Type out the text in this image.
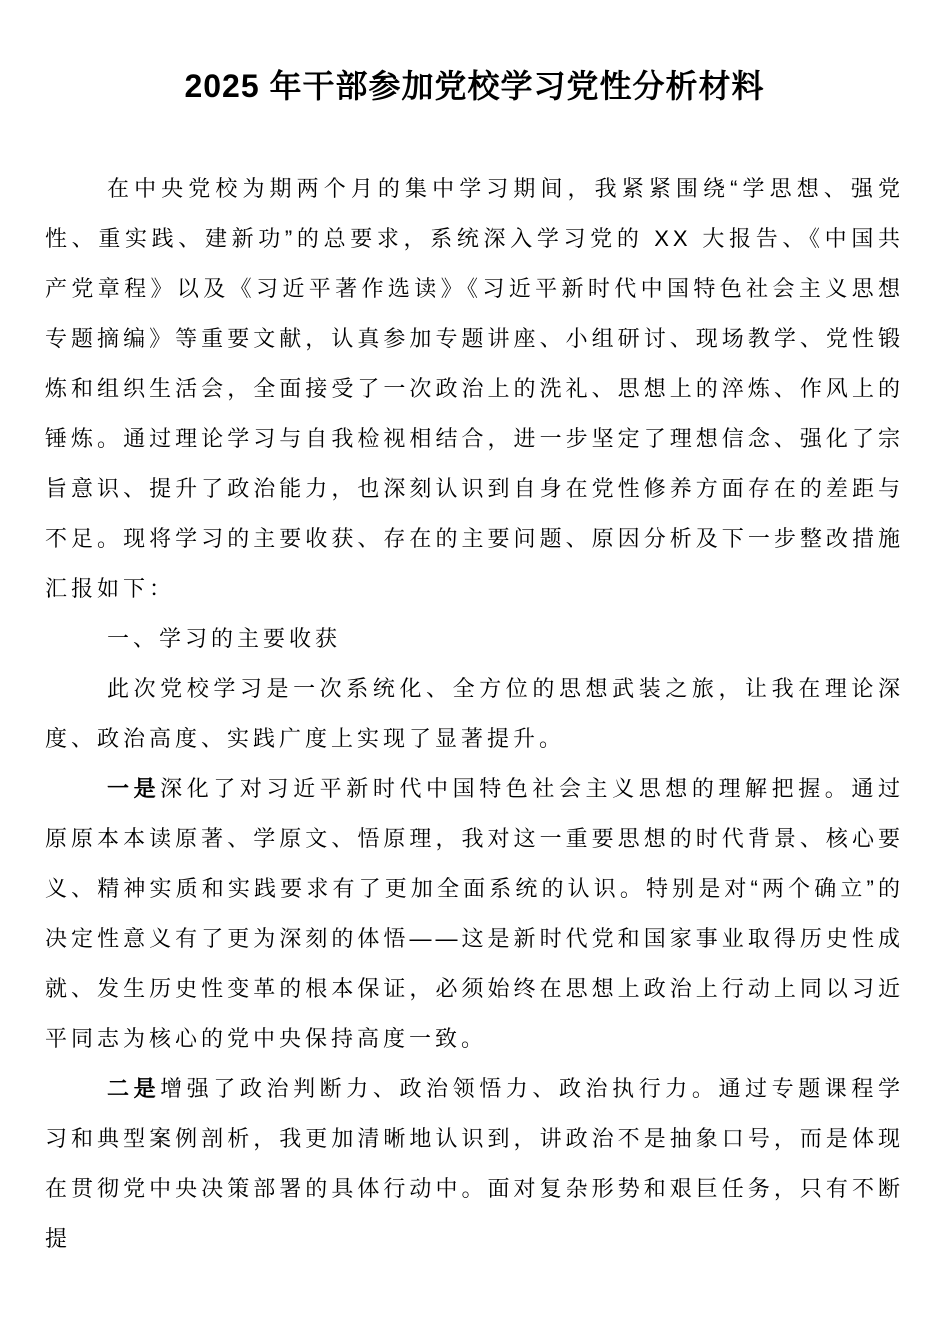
2025 年干部参加党校学习党性分析材料

在中央党校为期两个月的集中学习期间，我紧紧围绕“学思想、强党性、重实践、建新功”的总要求，系统深入学习党的 XX 大报告、《中国共产党章程》以及《习近平著作选读》《习近平新时代中国特色社会主义思想专题摘编》等重要文献，认真参加专题讲座、小组研讨、现场教学、党性锻炼和组织生活会，全面接受了一次政治上的洗礼、思想上的淬炼、作风上的锤炼。通过理论学习与自我检视相结合，进一步坚定了理想信念、强化了宗旨意识、提升了政治能力，也深刻认识到自身在党性修养方面存在的差距与不足。现将学习的主要收获、存在的主要问题、原因分析及下一步整改措施汇报如下：

一、学习的主要收获

此次党校学习是一次系统化、全方位的思想武装之旅，让我在理论深度、政治高度、实践广度上实现了显著提升。

一是深化了对习近平新时代中国特色社会主义思想的理解把握。通过原原本本读原著、学原文、悟原理，我对这一重要思想的时代背景、核心要义、精神实质和实践要求有了更加全面系统的认识。特别是对“两个确立”的决定性意义有了更为深刻的体悟——这是新时代党和国家事业取得历史性成就、发生历史性变革的根本保证，必须始终在思想上政治上行动上同以习近平同志为核心的党中央保持高度一致。

二是增强了政治判断力、政治领悟力、政治执行力。通过专题课程学习和典型案例剖析，我更加清晰地认识到，讲政治不是抽象口号，而是体现在贯彻党中央决策部署的具体行动中。面对复杂形势和艰巨任务，只有不断提
